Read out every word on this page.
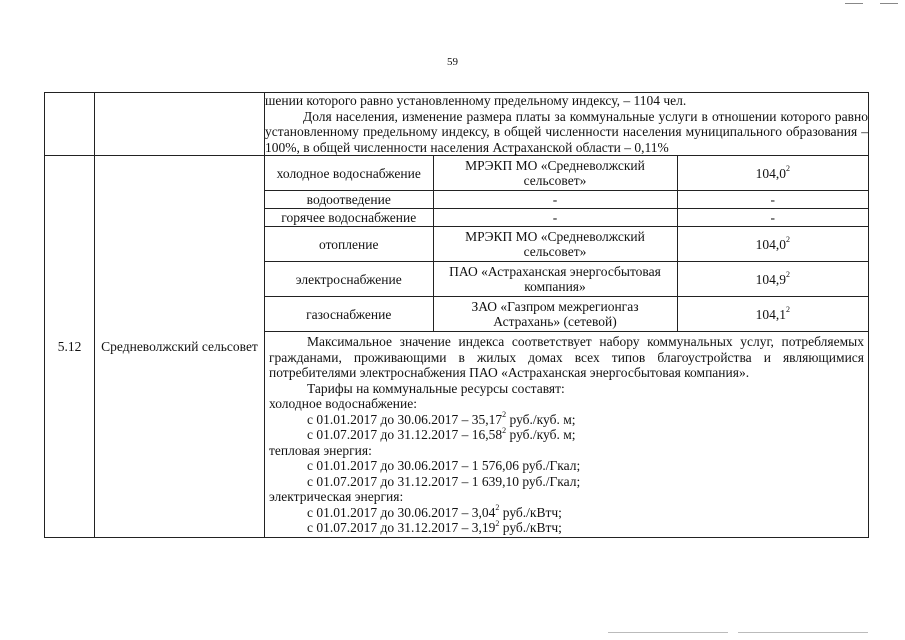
59

шении которого равно установленному предельному индексу, – 1104 чел.

Доля населения, изменение размера платы за коммунальные услуги в отношении которого равно установленному предельному индексу, в общей численности населения муниципального образования – 100%, в общей численности населения Астраханской области – 0,11%

5.12	Средневолжский сельсовет	
холодное водоснабжение	МРЭКП МО «Средневолжский сельсовет»	104,0$^2$
водоотведение	-	-
горячее водоснабжение	-	-
отопление	МРЭКП МО «Средневолжский сельсовет»	104,0$^2$
электроснабжение	ПАО «Астраханская энергосбытовая компания»	104,9$^2$
газоснабжение	ЗАО «Газпром межрегионгаз Астрахань» (сетевой)	104,1$^2$

Максимальное значение индекса соответствует набору коммунальных услуг, потребляемых гражданами, проживающими в жилых домах всех типов благоустройства и являющимися потребителями электроснабжения ПАО «Астраханская энергосбытовая компания».

Тарифы на коммунальные ресурсы составят:

холодное водоснабжение:

с 01.01.2017 до 30.06.2017 – 35,17$^2$ руб./куб. м;

с 01.07.2017 до 31.12.2017 – 16,58$^2$ руб./куб. м;

тепловая энергия:

с 01.01.2017 до 30.06.2017 – 1 576,06 руб./Гкал;

с 01.07.2017 до 31.12.2017 – 1 639,10 руб./Гкал;

электрическая энергия:

с 01.01.2017 до 30.06.2017 – 3,04$^2$ руб./кВтч;

с 01.07.2017 до 31.12.2017 – 3,19$^2$ руб./кВтч;
